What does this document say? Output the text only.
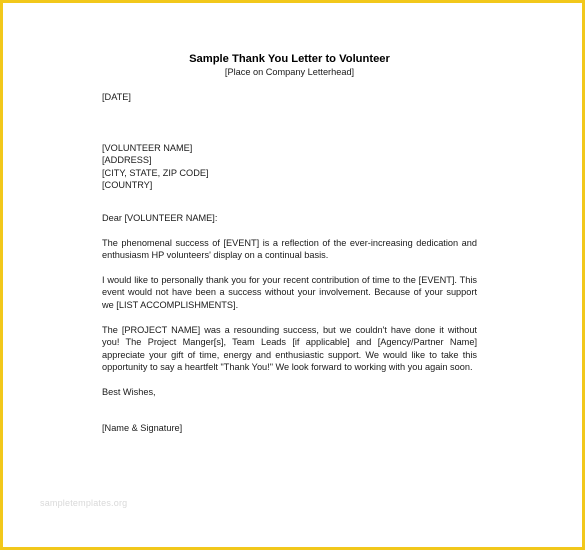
Sample Thank You Letter to Volunteer
[Place on Company Letterhead]
[DATE]
[VOLUNTEER NAME]
[ADDRESS]
[CITY, STATE, ZIP CODE]
[COUNTRY]
Dear [VOLUNTEER NAME]:

The phenomenal success of [EVENT] is a reflection of the ever-increasing dedication and enthusiasm HP volunteers' display on a continual basis.

I would like to personally thank you for your recent contribution of time to the [EVENT]. This event would not have been a success without your involvement. Because of your support we [LIST ACCOMPLISHMENTS].

The [PROJECT NAME] was a resounding success, but we couldn't have done it without you! The Project Manger[s], Team Leads [if applicable] and [Agency/Partner Name] appreciate your gift of time, energy and enthusiastic support. We would like to take this opportunity to say a heartfelt "Thank You!" We look forward to working with you again soon.

Best Wishes,
[Name & Signature]
sampletemplates.org
